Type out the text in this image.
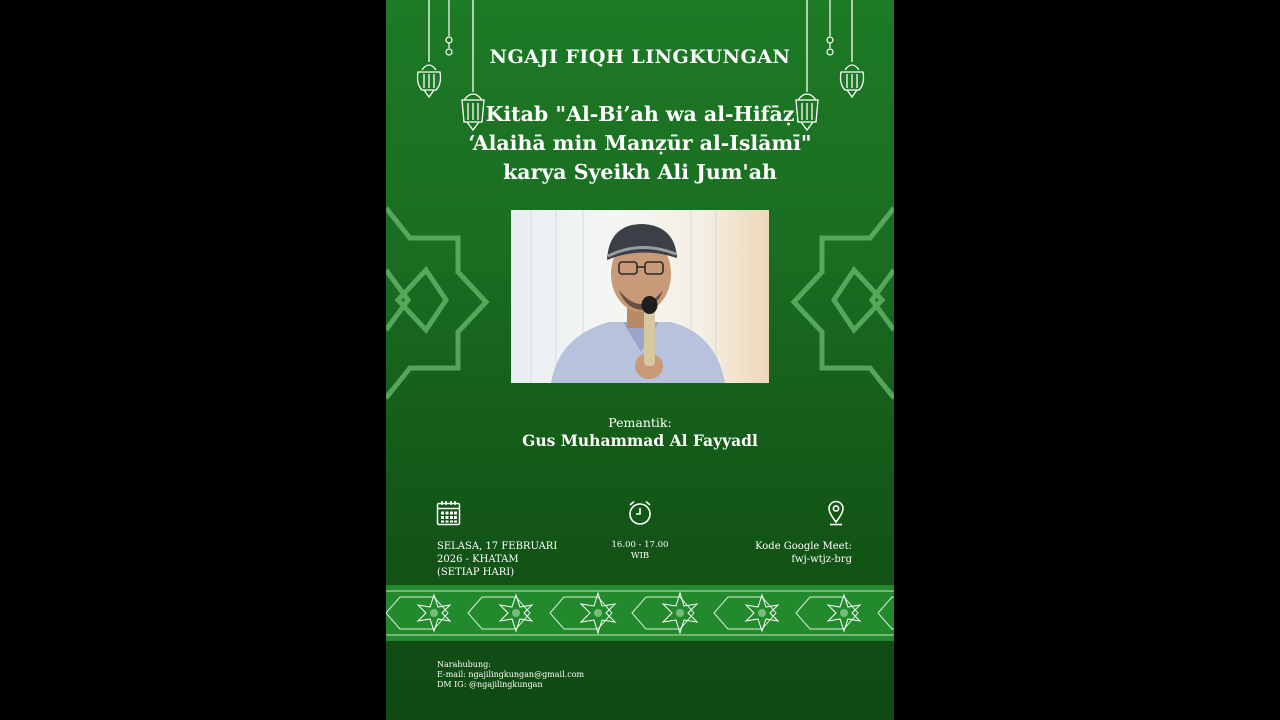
NGAJI FIQH LINGKUNGAN
Kitab "Al-Bi’ah wa al-Hifāẓ
‘Alaihā min Manẓūr al-Islāmī"
karya Syeikh Ali Jum'ah
Pemantik:
Gus Muhammad Al Fayyadl
SELASA, 17 FEBRUARI
2026 - KHATAM
(SETIAP HARI)
16.00 - 17.00
WIB
Kode Google Meet:
fwj-wtjz-brg
Narahubung:
E-mail: ngajilingkungan@gmail.com
DM IG: @ngajilingkungan
